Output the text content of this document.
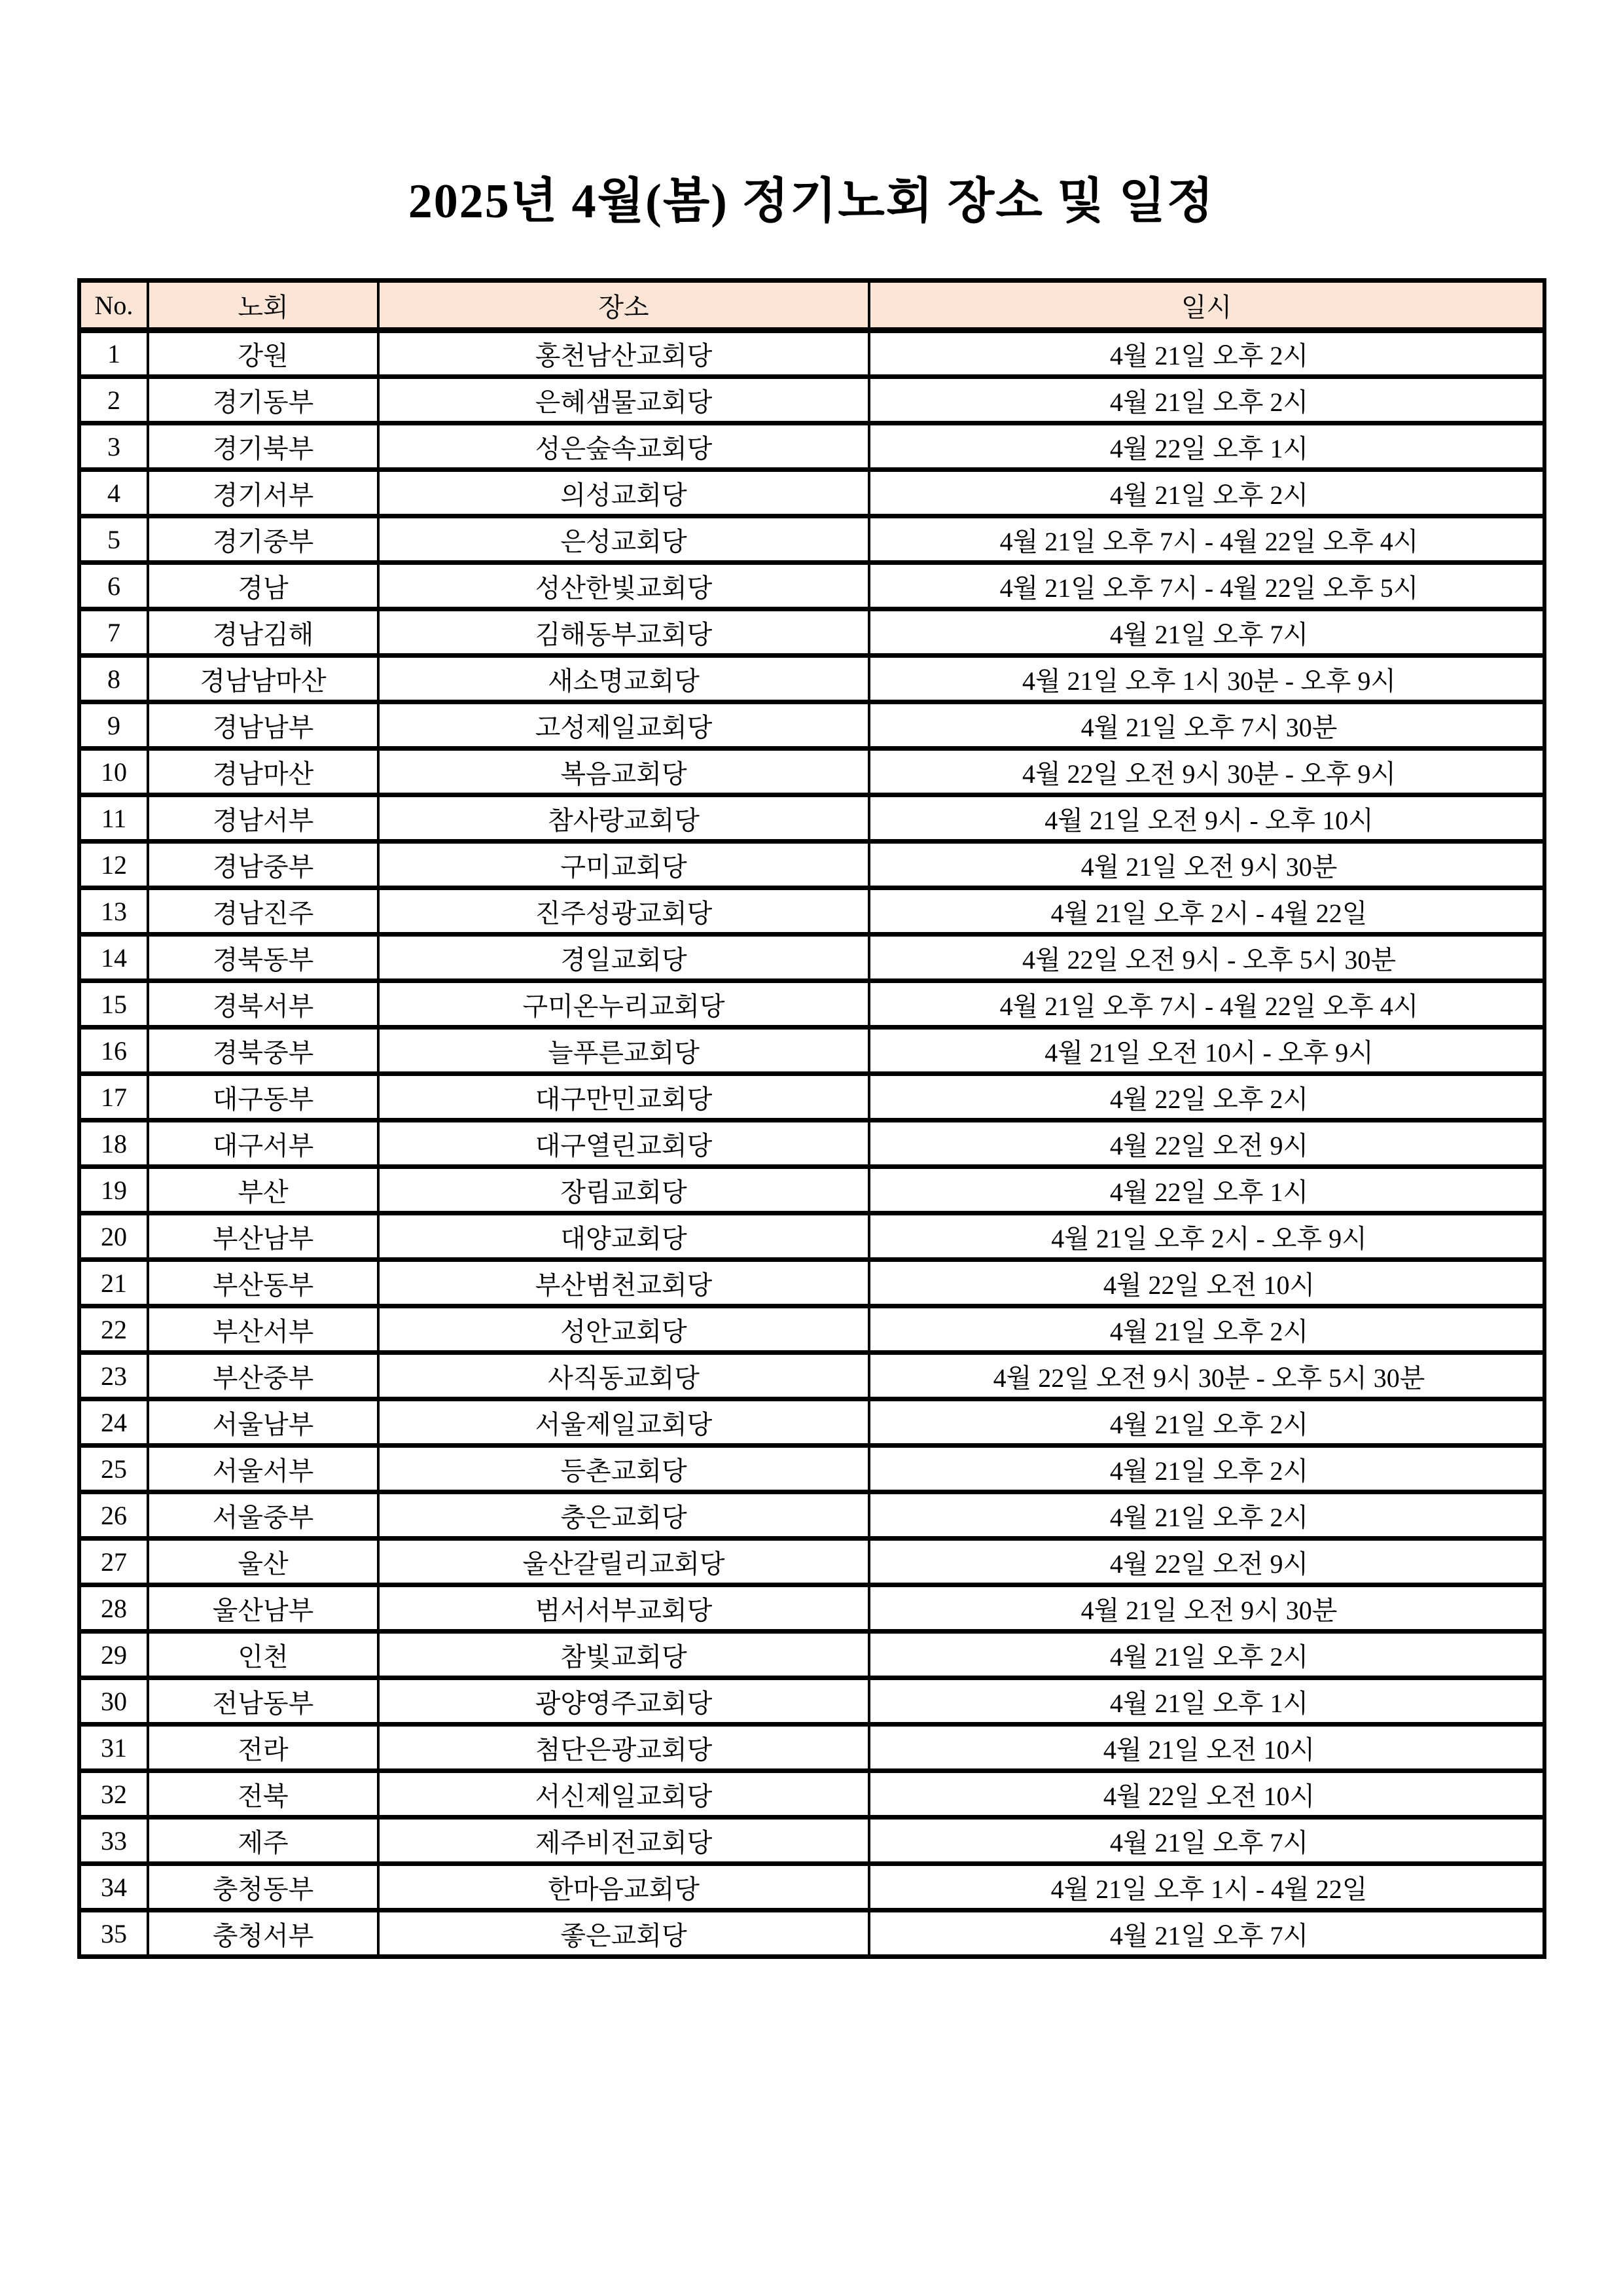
2025년 4월(봄) 정기노회 장소 및 일정
No.	노회	장소	일시
1	강원	홍천남산교회당	4월 21일 오후 2시
2	경기동부	은혜샘물교회당	4월 21일 오후 2시
3	경기북부	성은숲속교회당	4월 22일 오후 1시
4	경기서부	의성교회당	4월 21일 오후 2시
5	경기중부	은성교회당	4월 21일 오후 7시 - 4월 22일 오후 4시
6	경남	성산한빛교회당	4월 21일 오후 7시 - 4월 22일 오후 5시
7	경남김해	김해동부교회당	4월 21일 오후 7시
8	경남남마산	새소명교회당	4월 21일 오후 1시 30분 - 오후 9시
9	경남남부	고성제일교회당	4월 21일 오후 7시 30분
10	경남마산	복음교회당	4월 22일 오전 9시 30분 - 오후 9시
11	경남서부	참사랑교회당	4월 21일 오전 9시 - 오후 10시
12	경남중부	구미교회당	4월 21일 오전 9시 30분
13	경남진주	진주성광교회당	4월 21일 오후 2시 - 4월 22일
14	경북동부	경일교회당	4월 22일 오전 9시 - 오후 5시 30분
15	경북서부	구미온누리교회당	4월 21일 오후 7시 - 4월 22일 오후 4시
16	경북중부	늘푸른교회당	4월 21일 오전 10시 - 오후 9시
17	대구동부	대구만민교회당	4월 22일 오후 2시
18	대구서부	대구열린교회당	4월 22일 오전 9시
19	부산	장림교회당	4월 22일 오후 1시
20	부산남부	대양교회당	4월 21일 오후 2시 - 오후 9시
21	부산동부	부산범천교회당	4월 22일 오전 10시
22	부산서부	성안교회당	4월 21일 오후 2시
23	부산중부	사직동교회당	4월 22일 오전 9시 30분 - 오후 5시 30분
24	서울남부	서울제일교회당	4월 21일 오후 2시
25	서울서부	등촌교회당	4월 21일 오후 2시
26	서울중부	충은교회당	4월 21일 오후 2시
27	울산	울산갈릴리교회당	4월 22일 오전 9시
28	울산남부	범서서부교회당	4월 21일 오전 9시 30분
29	인천	참빛교회당	4월 21일 오후 2시
30	전남동부	광양영주교회당	4월 21일 오후 1시
31	전라	첨단은광교회당	4월 21일 오전 10시
32	전북	서신제일교회당	4월 22일 오전 10시
33	제주	제주비전교회당	4월 21일 오후 7시
34	충청동부	한마음교회당	4월 21일 오후 1시 - 4월 22일
35	충청서부	좋은교회당	4월 21일 오후 7시
